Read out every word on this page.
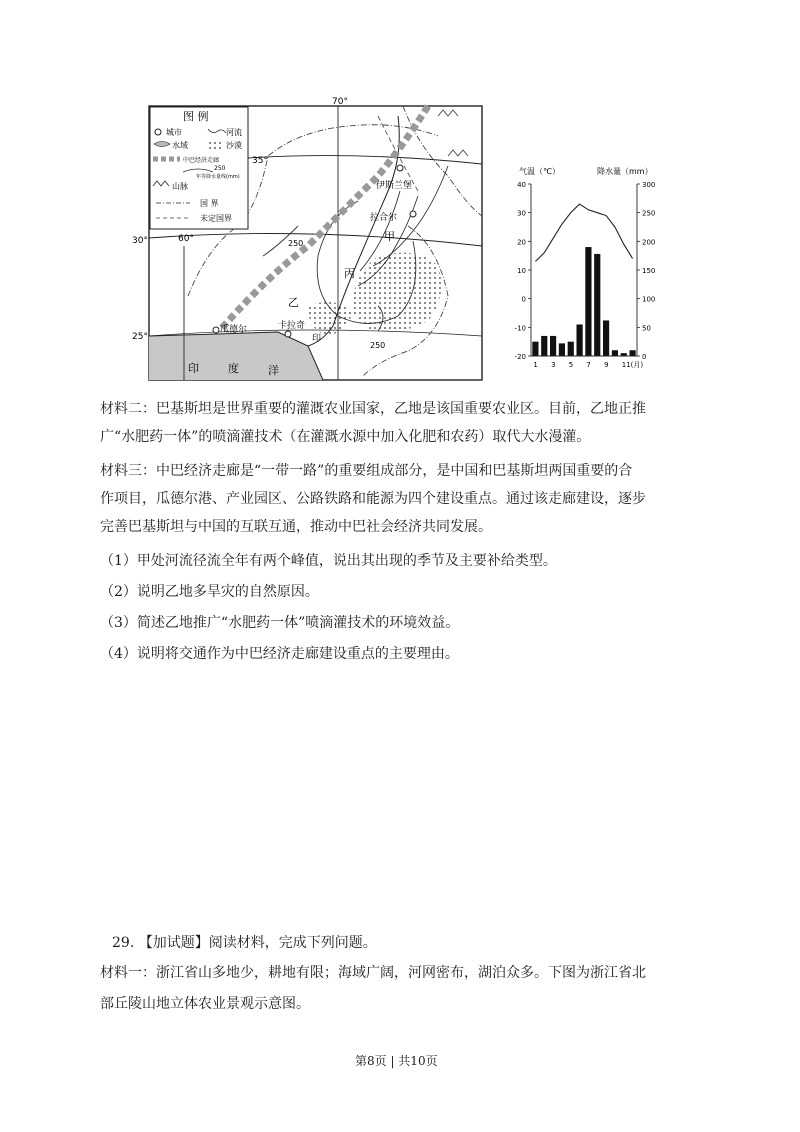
图 例
城市	河流
水域	沙漠
中巴经济走廊
250
年等降水量线(mm)
山脉
国 界
未定国界
70°
60°
35°
30°
25°
伊斯兰堡
拉合尔
甲
乙
丙
瓜德尔	卡拉奇
印
250
250
印	度	洋
气温（℃）	降水量（mm）
40
30
20
10
0
-10
-20
300
250
200
150
100
50
0
1 3 5 7 9 11(月)
材料二：巴基斯坦是世界重要的灌溉农业国家，乙地是该国重要农业区。目前，乙地正推
广“水肥药一体”的喷滴灌技术（在灌溉水源中加入化肥和农药）取代大水漫灌。
材料三：中巴经济走廊是“一带一路”的重要组成部分，是中国和巴基斯坦两国重要的合
作项目，瓜德尔港、产业园区、公路铁路和能源为四个建设重点。通过该走廊建设，逐步
完善巴基斯坦与中国的互联互通，推动中巴社会经济共同发展。
（1）甲处河流径流全年有两个峰值，说出其出现的季节及主要补给类型。
（2）说明乙地多旱灾的自然原因。
（3）简述乙地推广“水肥药一体”喷滴灌技术的环境效益。
（4）说明将交通作为中巴经济走廊建设重点的主要理由。
29. 【加试题】阅读材料，完成下列问题。
材料一：浙江省山多地少，耕地有限；海域广阔，河网密布，湖泊众多。下图为浙江省北
部丘陵山地立体农业景观示意图。
第8页 | 共10页
